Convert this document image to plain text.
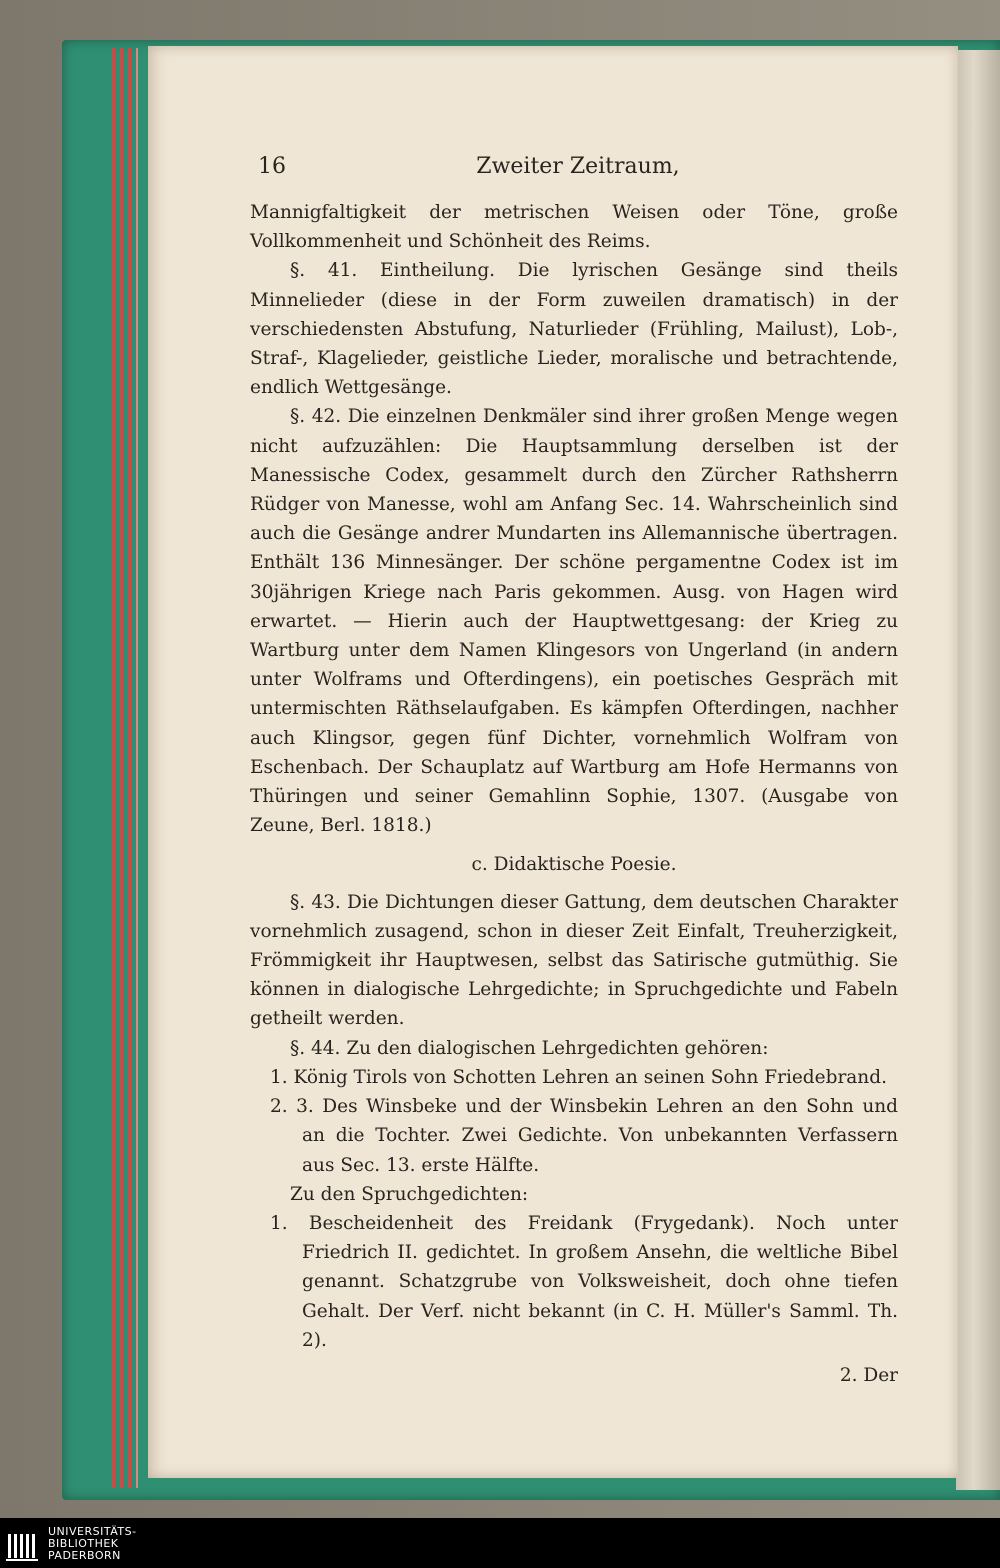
16	Zweiter Zeitraum,

Mannigfaltigkeit der metrischen Weisen oder Töne, große Vollkommenheit und Schönheit des Reims.

§. 41. Eintheilung. Die lyrischen Gesänge sind theils Minnelieder (diese in der Form zuweilen dramatisch) in der verschiedensten Abstufung, Naturlieder (Frühling, Mailust), Lob-, Straf-, Klagelieder, geistliche Lieder, moralische und betrachtende, endlich Wettgesänge.

§. 42. Die einzelnen Denkmäler sind ihrer großen Menge wegen nicht aufzuzählen: Die Hauptsammlung derselben ist der Manessische Codex, gesammelt durch den Zürcher Rathsherrn Rüdger von Manesse, wohl am Anfang Sec. 14. Wahrscheinlich sind auch die Gesänge andrer Mundarten ins Allemannische übertragen. Enthält 136 Minnesänger. Der schöne pergamentne Codex ist im 30jährigen Kriege nach Paris gekommen. Ausg. von Hagen wird erwartet. — Hierin auch der Hauptwettgesang: der Krieg zu Wartburg unter dem Namen Klingesors von Ungerland (in andern unter Wolframs und Ofterdingens), ein poetisches Gespräch mit untermischten Räthselaufgaben. Es kämpfen Ofterdingen, nachher auch Klingsor, gegen fünf Dichter, vornehmlich Wolfram von Eschenbach. Der Schauplatz auf Wartburg am Hofe Hermanns von Thüringen und seiner Gemahlinn Sophie, 1307. (Ausgabe von Zeune, Berl. 1818.)

c. Didaktische Poesie.

§. 43. Die Dichtungen dieser Gattung, dem deutschen Charakter vornehmlich zusagend, schon in dieser Zeit Einfalt, Treuherzigkeit, Frömmigkeit ihr Hauptwesen, selbst das Satirische gutmüthig. Sie können in dialogische Lehrgedichte; in Spruchgedichte und Fabeln getheilt werden.

§. 44. Zu den dialogischen Lehrgedichten gehören:

1. König Tirols von Schotten Lehren an seinen Sohn Friedebrand.

2. 3. Des Winsbeke und der Winsbekin Lehren an den Sohn und an die Tochter. Zwei Gedichte. Von unbekannten Verfassern aus Sec. 13. erste Hälfte.

Zu den Spruchgedichten:

1. Bescheidenheit des Freidank (Frygedank). Noch unter Friedrich II. gedichtet. In großem Ansehn, die weltliche Bibel genannt. Schatzgrube von Volksweisheit, doch ohne tiefen Gehalt. Der Verf. nicht bekannt (in C. H. Müller's Samml. Th. 2).

2. Der

UNIVERSITÄTS-
BIBLIOTHEK
PADERBORN
